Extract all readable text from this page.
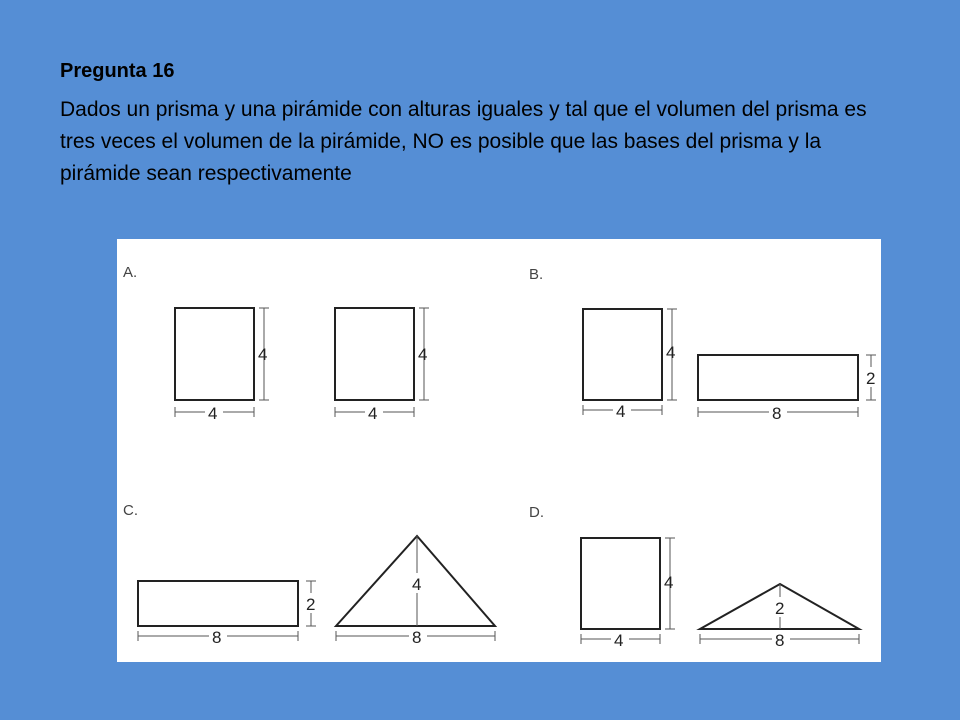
Pregunta 16
Dados un prisma y una pirámide con alturas iguales y tal que el volumen del prisma es tres veces el volumen de la pirámide, NO es posible que las bases del prisma y la pirámide sean respectivamente
A.
4
4
4
4
B.
4
4
2
8
C.
2
8
4
8
D.
4
4
2
8
